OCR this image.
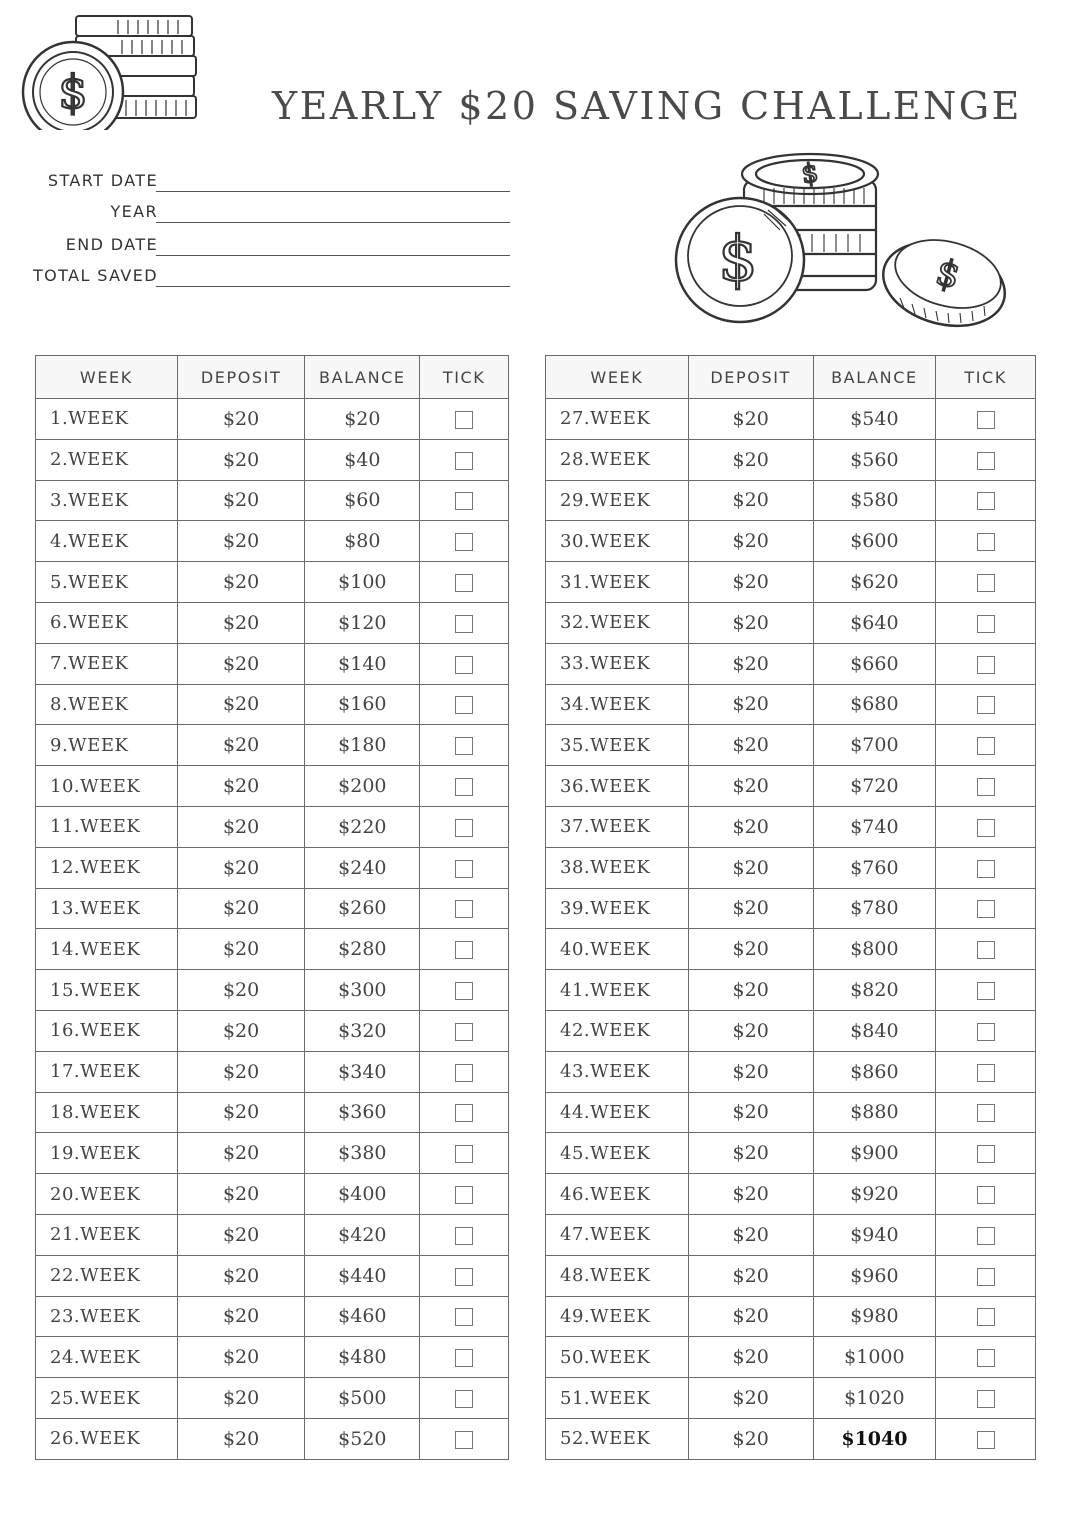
$	YEARLY $20 SAVING CHALLENGE
START DATE
YEAR
END DATE
TOTAL SAVED
$
$	$
WEEK	DEPOSIT	BALANCE	TICK
1.WEEK	$20	$20	
2.WEEK	$20	$40	
3.WEEK	$20	$60	
4.WEEK	$20	$80	
5.WEEK	$20	$100	
6.WEEK	$20	$120	
7.WEEK	$20	$140	
8.WEEK	$20	$160	
9.WEEK	$20	$180	
10.WEEK	$20	$200	
11.WEEK	$20	$220	
12.WEEK	$20	$240	
13.WEEK	$20	$260	
14.WEEK	$20	$280	
15.WEEK	$20	$300	
16.WEEK	$20	$320	
17.WEEK	$20	$340	
18.WEEK	$20	$360	
19.WEEK	$20	$380	
20.WEEK	$20	$400	
21.WEEK	$20	$420	
22.WEEK	$20	$440	
23.WEEK	$20	$460	
24.WEEK	$20	$480	
25.WEEK	$20	$500	
26.WEEK	$20	$520	
WEEK	DEPOSIT	BALANCE	TICK
27.WEEK	$20	$540	
28.WEEK	$20	$560	
29.WEEK	$20	$580	
30.WEEK	$20	$600	
31.WEEK	$20	$620	
32.WEEK	$20	$640	
33.WEEK	$20	$660	
34.WEEK	$20	$680	
35.WEEK	$20	$700	
36.WEEK	$20	$720	
37.WEEK	$20	$740	
38.WEEK	$20	$760	
39.WEEK	$20	$780	
40.WEEK	$20	$800	
41.WEEK	$20	$820	
42.WEEK	$20	$840	
43.WEEK	$20	$860	
44.WEEK	$20	$880	
45.WEEK	$20	$900	
46.WEEK	$20	$920	
47.WEEK	$20	$940	
48.WEEK	$20	$960	
49.WEEK	$20	$980	
50.WEEK	$20	$1000	
51.WEEK	$20	$1020	
52.WEEK	$20	$1040	
